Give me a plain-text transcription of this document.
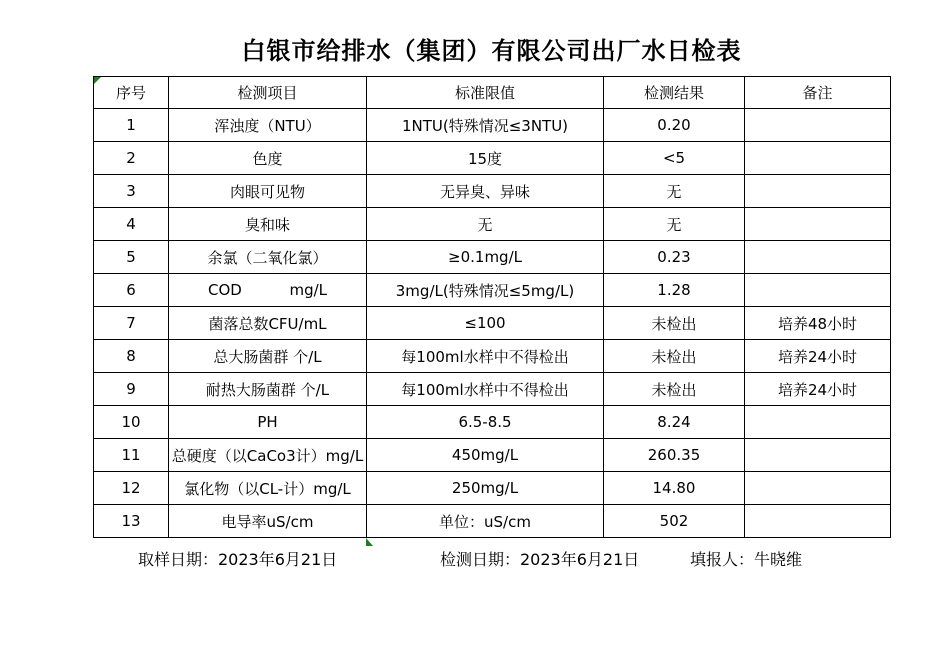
白银市给排水（集团）有限公司出厂水日检表
序号	检测项目	标准限值	检测结果	备注
1	浑浊度（NTU）	1NTU(特殊情况≤3NTU)	0.20	
2	色度	15度	<5	
3	肉眼可见物	无异臭、异味	无	
4	臭和味	无	无	
5	余氯（二氧化氯）	≥0.1mg/L	0.23	
6	COD          mg/L	3mg/L(特殊情况≤5mg/L)	1.28	
7	菌落总数CFU/mL	≤100	未检出	培养48小时
8	总大肠菌群 个/L	每100ml水样中不得检出	未检出	培养24小时
9	耐热大肠菌群 个/L	每100ml水样中不得检出	未检出	培养24小时
10	PH	6.5-8.5	8.24	
11	总硬度（以CaCo3计）mg/L	450mg/L	260.35	
12	氯化物（以CL-计）mg/L	250mg/L	14.80	
13	电导率uS/cm	单位：uS/cm	502	
取样日期：2023年6月21日	检测日期：2023年6月21日	填报人：牛晓维
